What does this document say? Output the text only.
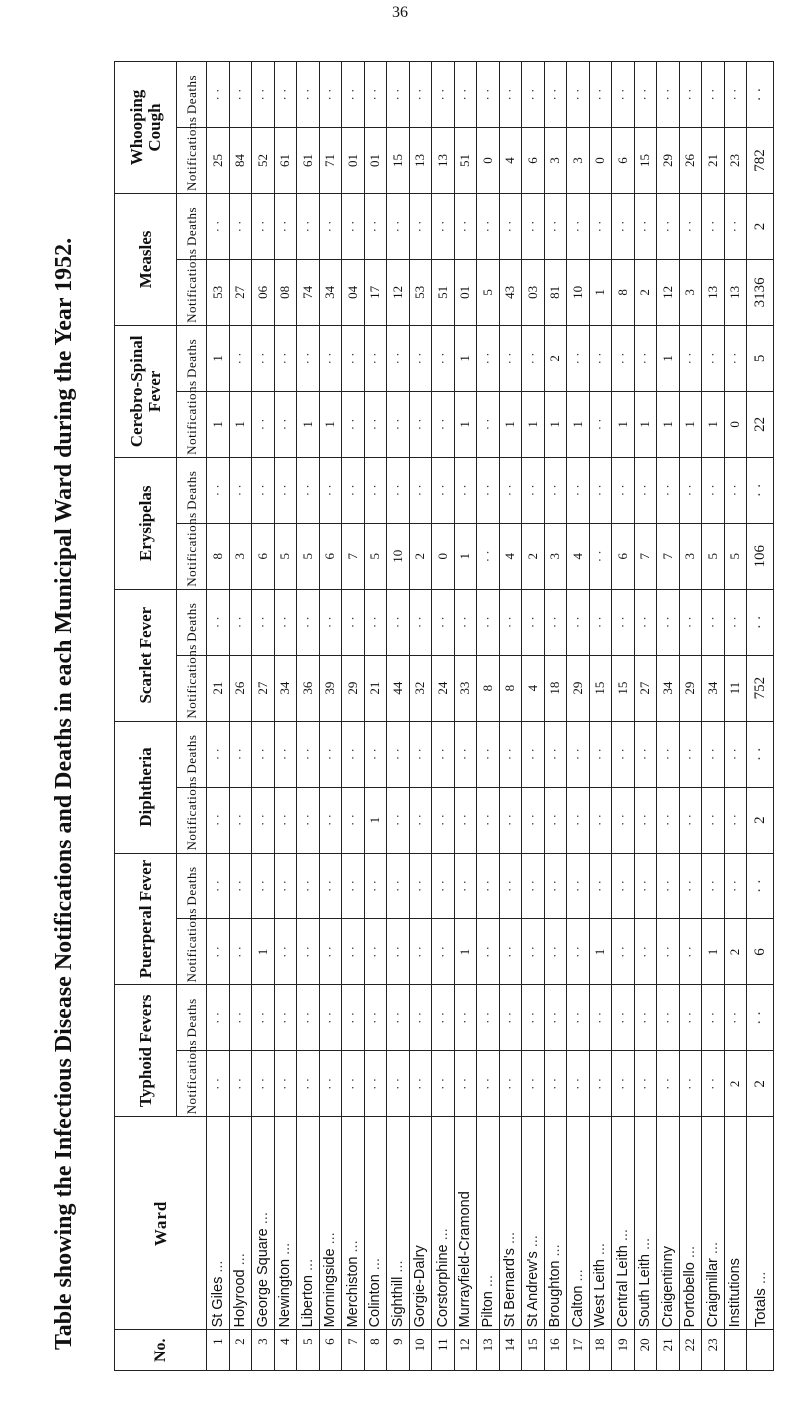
36
Table showing the Infectious Disease Notifications and Deaths in each Municipal Ward during the Year 1952.
No.	Ward	Typhoid Fevers		Puerperal Fever		Diphtheria		Scarlet Fever		Erysipelas		Cerebro-Spinal Fever		Measles		Whooping Cough	
		Notifications	Deaths	Notifications	Deaths	Notifications	Deaths	Notifications	Deaths	Notifications	Deaths	Notifications	Deaths	Notifications	Deaths	Notifications	Deaths
1	St Giles ...	· ·	· ·	· ·	· ·	· ·	· ·	21	· ·	8	· ·	1	1	53	· ·	25	· ·
2	Holyrood ...	· ·	· ·	· ·	· ·	· ·	· ·	26	· ·	3	· ·	1	· ·	27	· ·	84	· ·
3	George Square ...	· ·	· ·	1	· ·	· ·	· ·	27	· ·	6	· ·	· ·	· ·	06	· ·	52	· ·
4	Newington ...	· ·	· ·	· ·	· ·	· ·	· ·	34	· ·	5	· ·	· ·	· ·	08	· ·	61	· ·
5	Liberton ...	· ·	· ·	· ·	· ·	· ·	· ·	36	· ·	5	· ·	1	· ·	74	· ·	61	· ·
6	Morningside ...	· ·	· ·	· ·	· ·	· ·	· ·	39	· ·	6	· ·	1	· ·	34	· ·	71	· ·
7	Merchiston ...	· ·	· ·	· ·	· ·	· ·	· ·	29	· ·	7	· ·	· ·	· ·	04	· ·	01	· ·
8	Colinton ...	· ·	· ·	· ·	· ·	1	· ·	21	· ·	5	· ·	· ·	· ·	17	· ·	01	· ·
9	Sighthill ...	· ·	· ·	· ·	· ·	· ·	· ·	44	· ·	10	· ·	· ·	· ·	12	· ·	15	· ·
10	Gorgie-Dalry	· ·	· ·	· ·	· ·	· ·	· ·	32	· ·	2	· ·	· ·	· ·	53	· ·	13	· ·
11	Corstorphine ...	· ·	· ·	· ·	· ·	· ·	· ·	24	· ·	0	· ·	· ·	· ·	51	· ·	13	· ·
12	Murrayfield-Cramond	· ·	· ·	1	· ·	· ·	· ·	33	· ·	1	· ·	1	1	01	· ·	51	· ·
13	Pilton ...	· ·	· ·	· ·	· ·	· ·	· ·	8	· ·	· ·	· ·	· ·	· ·	5	· ·	0	· ·
14	St Bernard's ...	· ·	· ·	· ·	· ·	· ·	· ·	8	· ·	4	· ·	1	· ·	43	· ·	4	· ·
15	St Andrew's ...	· ·	· ·	· ·	· ·	· ·	· ·	4	· ·	2	· ·	1	· ·	03	· ·	6	· ·
16	Broughton ...	· ·	· ·	· ·	· ·	· ·	· ·	18	· ·	3	· ·	1	2	81	· ·	3	· ·
17	Calton ...	· ·	· ·	· ·	· ·	· ·	· ·	29	· ·	4	· ·	1	· ·	10	· ·	3	· ·
18	West Leith ...	· ·	· ·	1	· ·	· ·	· ·	15	· ·	· ·	· ·	· ·	· ·	1	· ·	0	· ·
19	Central Leith ...	· ·	· ·	· ·	· ·	· ·	· ·	15	· ·	6	· ·	1	· ·	8	· ·	6	· ·
20	South Leith ...	· ·	· ·	· ·	· ·	· ·	· ·	27	· ·	7	· ·	1	· ·	2	· ·	15	· ·
21	Craigentinny	· ·	· ·	· ·	· ·	· ·	· ·	34	· ·	7	· ·	1	1	12	· ·	29	· ·
22	Portobello ...	· ·	· ·	· ·	· ·	· ·	· ·	29	· ·	3	· ·	1	· ·	3	· ·	26	· ·
23	Craigmillar ...	· ·	· ·	1	· ·	· ·	· ·	34	· ·	5	· ·	1	· ·	13	· ·	21	· ·
	Institutions	2	· ·	2	· ·	· ·	· ·	11	· ·	5	· ·	0	· ·	13	· ·	23	· ·
	Totals ...	2	· ·	6	· ·	2	· ·	752	· ·	106	· ·	22	5	3136	2	782	· ·
